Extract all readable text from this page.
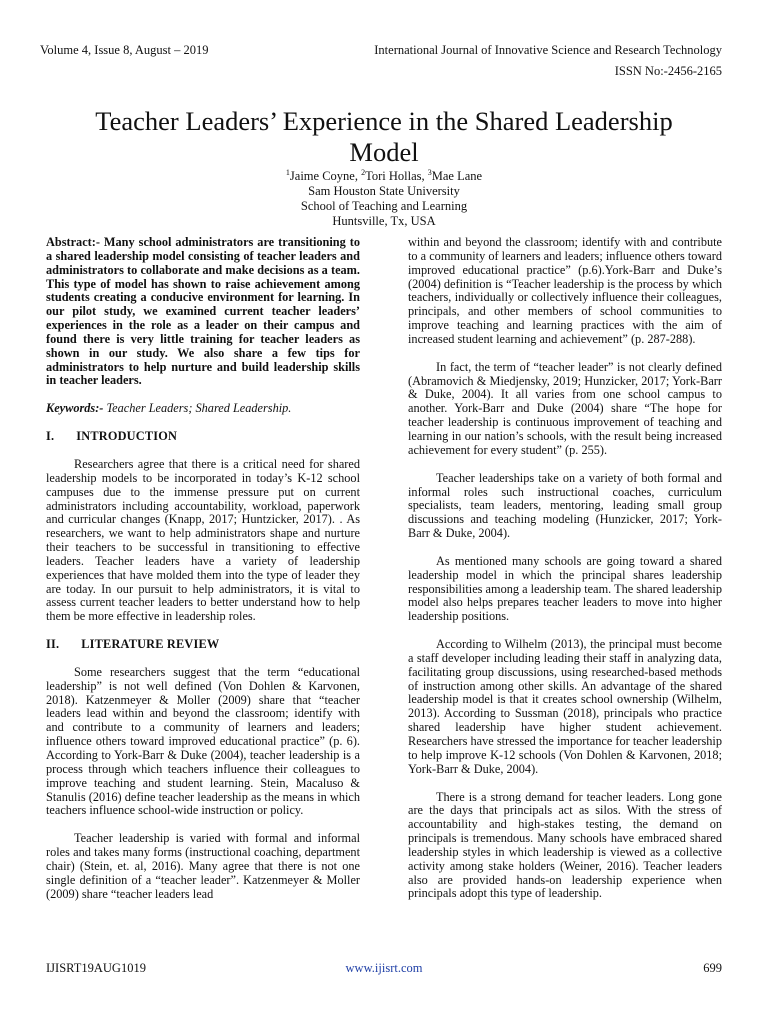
Volume 4, Issue 8, August – 2019	International Journal of Innovative Science and Research Technology
ISSN No:-2456-2165
Teacher Leaders’ Experience in the Shared Leadership Model
$^1$Jaime Coyne, $^2$Tori Hollas, $^3$Mae Lane
Sam Houston State University
School of Teaching and Learning
Huntsville, Tx, USA

Abstract:- Many school administrators are transitioning to a shared leadership model consisting of teacher leaders and administrators to collaborate and make decisions as a team. This type of model has shown to raise achievement among students creating a conducive environment for learning. In our pilot study, we examined current teacher leaders’ experiences in the role as a leader on their campus and found there is very little training for teacher leaders as shown in our study. We also share a few tips for administrators to help nurture and build leadership skills in teacher leaders.

Keywords:- Teacher Leaders; Shared Leadership.

I. INTRODUCTION

Researchers agree that there is a critical need for shared leadership models to be incorporated in today’s K-12 school campuses due to the immense pressure put on current administrators including accountability, workload, paperwork and curricular changes (Knapp, 2017; Huntzicker, 2017). . As researchers, we want to help administrators shape and nurture their teachers to be successful in transitioning to effective leaders. Teacher leaders have a variety of leadership experiences that have molded them into the type of leader they are today. In our pursuit to help administrators, it is vital to assess current teacher leaders to better understand how to help them be more effective in leadership roles.

II. LITERATURE REVIEW

Some researchers suggest that the term “educational leadership” is not well defined (Von Dohlen & Karvonen, 2018). Katzenmeyer & Moller (2009) share that “teacher leaders lead within and beyond the classroom; identify with and contribute to a community of learners and leaders; influence others toward improved educational practice” (p. 6). According to York-Barr & Duke (2004), teacher leadership is a process through which teachers influence their colleagues to improve teaching and student learning. Stein, Macaluso & Stanulis (2016) define teacher leadership as the means in which teachers influence school-wide instruction or policy.

Teacher leadership is varied with formal and informal roles and takes many forms (instructional coaching, department chair) (Stein, et. al, 2016). Many agree that there is not one single definition of a “teacher leader”. Katzenmeyer & Moller (2009) share “teacher leaders lead

within and beyond the classroom; identify with and contribute to a community of learners and leaders; influence others toward improved educational practice” (p.6).York-Barr and Duke’s (2004) definition is “Teacher leadership is the process by which teachers, individually or collectively influence their colleagues, principals, and other members of school communities to improve teaching and learning practices with the aim of increased student learning and achievement” (p. 287-288).

In fact, the term of “teacher leader” is not clearly defined (Abramovich & Miedjensky, 2019; Hunzicker, 2017; York-Barr & Duke, 2004). It all varies from one school campus to another. York-Barr and Duke (2004) share “The hope for teacher leadership is continuous improvement of teaching and learning in our nation’s schools, with the result being increased achievement for every student” (p. 255).

Teacher leaderships take on a variety of both formal and informal roles such instructional coaches, curriculum specialists, team leaders, mentoring, leading small group discussions and teaching modeling (Hunzicker, 2017; York-Barr & Duke, 2004).

As mentioned many schools are going toward a shared leadership model in which the principal shares leadership responsibilities among a leadership team. The shared leadership model also helps prepares teacher leaders to move into higher leadership positions.

According to Wilhelm (2013), the principal must become a staff developer including leading their staff in analyzing data, facilitating group discussions, using researched-based methods of instruction among other skills. An advantage of the shared leadership model is that it creates school ownership (Wilhelm, 2013). According to Sussman (2018), principals who practice shared leadership have higher student achievement. Researchers have stressed the importance for teacher leadership to help improve K-12 schools (Von Dohlen & Karvonen, 2018; York-Barr & Duke, 2004).

There is a strong demand for teacher leaders. Long gone are the days that principals act as silos. With the stress of accountability and high-stakes testing, the demand on principals is tremendous. Many schools have embraced shared leadership styles in which leadership is viewed as a collective activity among stake holders (Weiner, 2016). Teacher leaders also are provided hands-on leadership experience when principals adopt this type of leadership.

IJISRT19AUG1019	www.ijisrt.com	699
